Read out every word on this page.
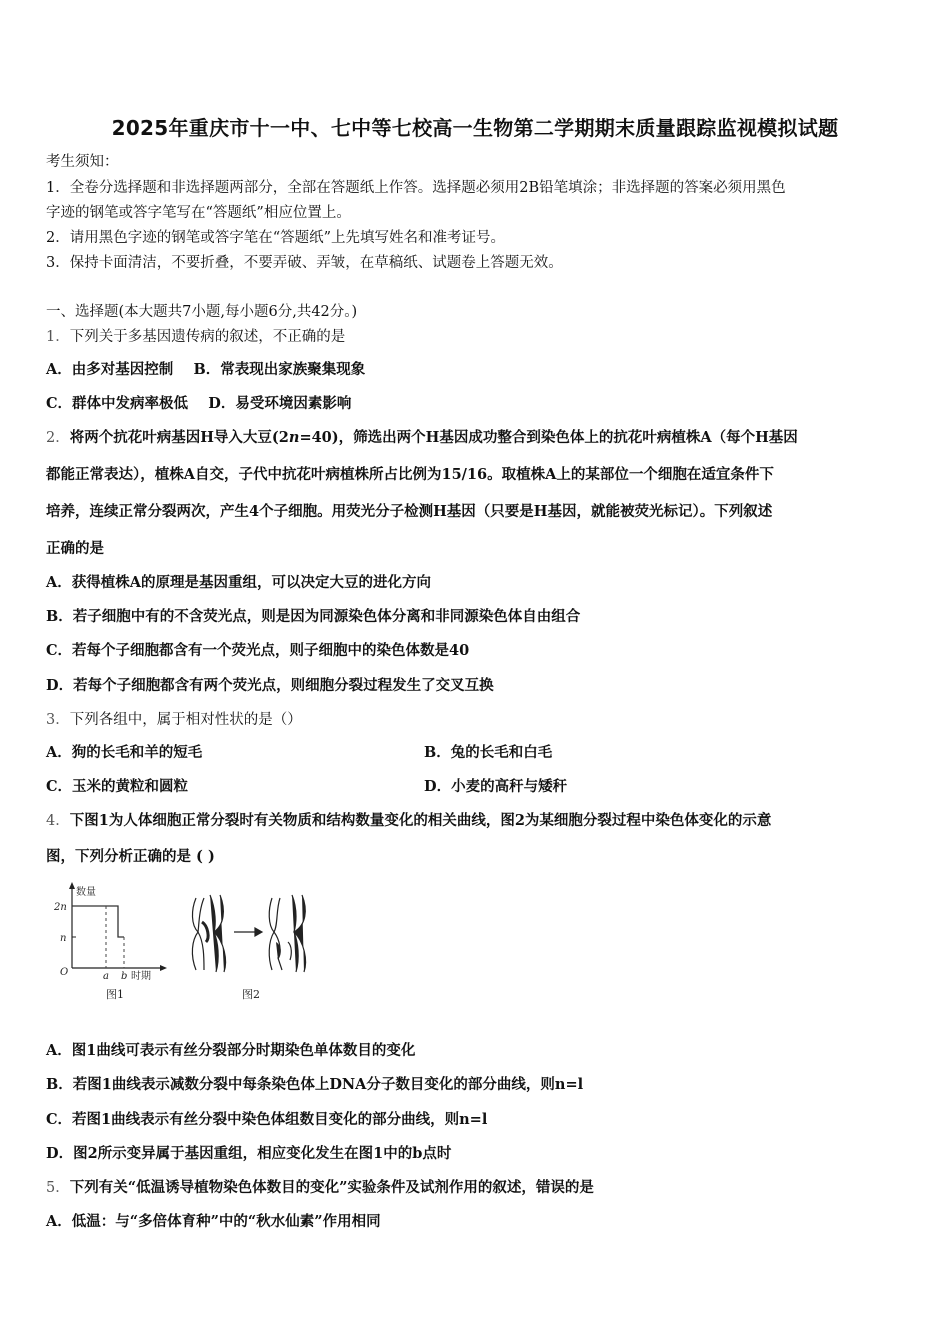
2025年重庆市十一中、七中等七校高一生物第二学期期末质量跟踪监视模拟试题
考生须知：
1．全卷分选择题和非选择题两部分，全部在答题纸上作答。选择题必须用2B铅笔填涂；非选择题的答案必须用黑色
字迹的钢笔或答字笔写在“答题纸”相应位置上。
2．请用黑色字迹的钢笔或答字笔在“答题纸”上先填写姓名和准考证号。
3．保持卡面清洁，不要折叠，不要弄破、弄皱，在草稿纸、试题卷上答题无效。
一、选择题(本大题共7小题,每小题6分,共42分。)
1．下列关于多基因遗传病的叙述，不正确的是
A．由多对基因控制 B．常表现出家族聚集现象
C．群体中发病率极低 D．易受环境因素影响
2．将两个抗花叶病基因H导入大豆(2n=40)，筛选出两个H基因成功整合到染色体上的抗花叶病植株A（每个H基因
都能正常表达），植株A自交，子代中抗花叶病植株所占比例为15/16。取植株A上的某部位一个细胞在适宜条件下
培养，连续正常分裂两次，产生4个子细胞。用荧光分子检测H基因（只要是H基因，就能被荧光标记）。下列叙述
正确的是
A．获得植株A的原理是基因重组，可以决定大豆的进化方向
B．若子细胞中有的不含荧光点，则是因为同源染色体分离和非同源染色体自由组合
C．若每个子细胞都含有一个荧光点，则子细胞中的染色体数是40
D．若每个子细胞都含有两个荧光点，则细胞分裂过程发生了交叉互换
3．下列各组中，属于相对性状的是（）
A．狗的长毛和羊的短毛	B．兔的长毛和白毛
C．玉米的黄粒和圆粒	D．小麦的高秆与矮秆
4．下图1为人体细胞正常分裂时有关物质和结构数量变化的相关曲线，图2为某细胞分裂过程中染色体变化的示意
图，下列分析正确的是 ( )
数量
2n
n
O	a b 时期
图1	图2
A．图1曲线可表示有丝分裂部分时期染色单体数目的变化
B．若图1曲线表示减数分裂中每条染色体上DNA分子数目变化的部分曲线，则n=l
C．若图1曲线表示有丝分裂中染色体组数目变化的部分曲线，则n=l
D．图2所示变异属于基因重组，相应变化发生在图1中的b点时
5．下列有关“低温诱导植物染色体数目的变化”实验条件及试剂作用的叙述，错误的是
A．低温：与“多倍体育种”中的“秋水仙素”作用相同
